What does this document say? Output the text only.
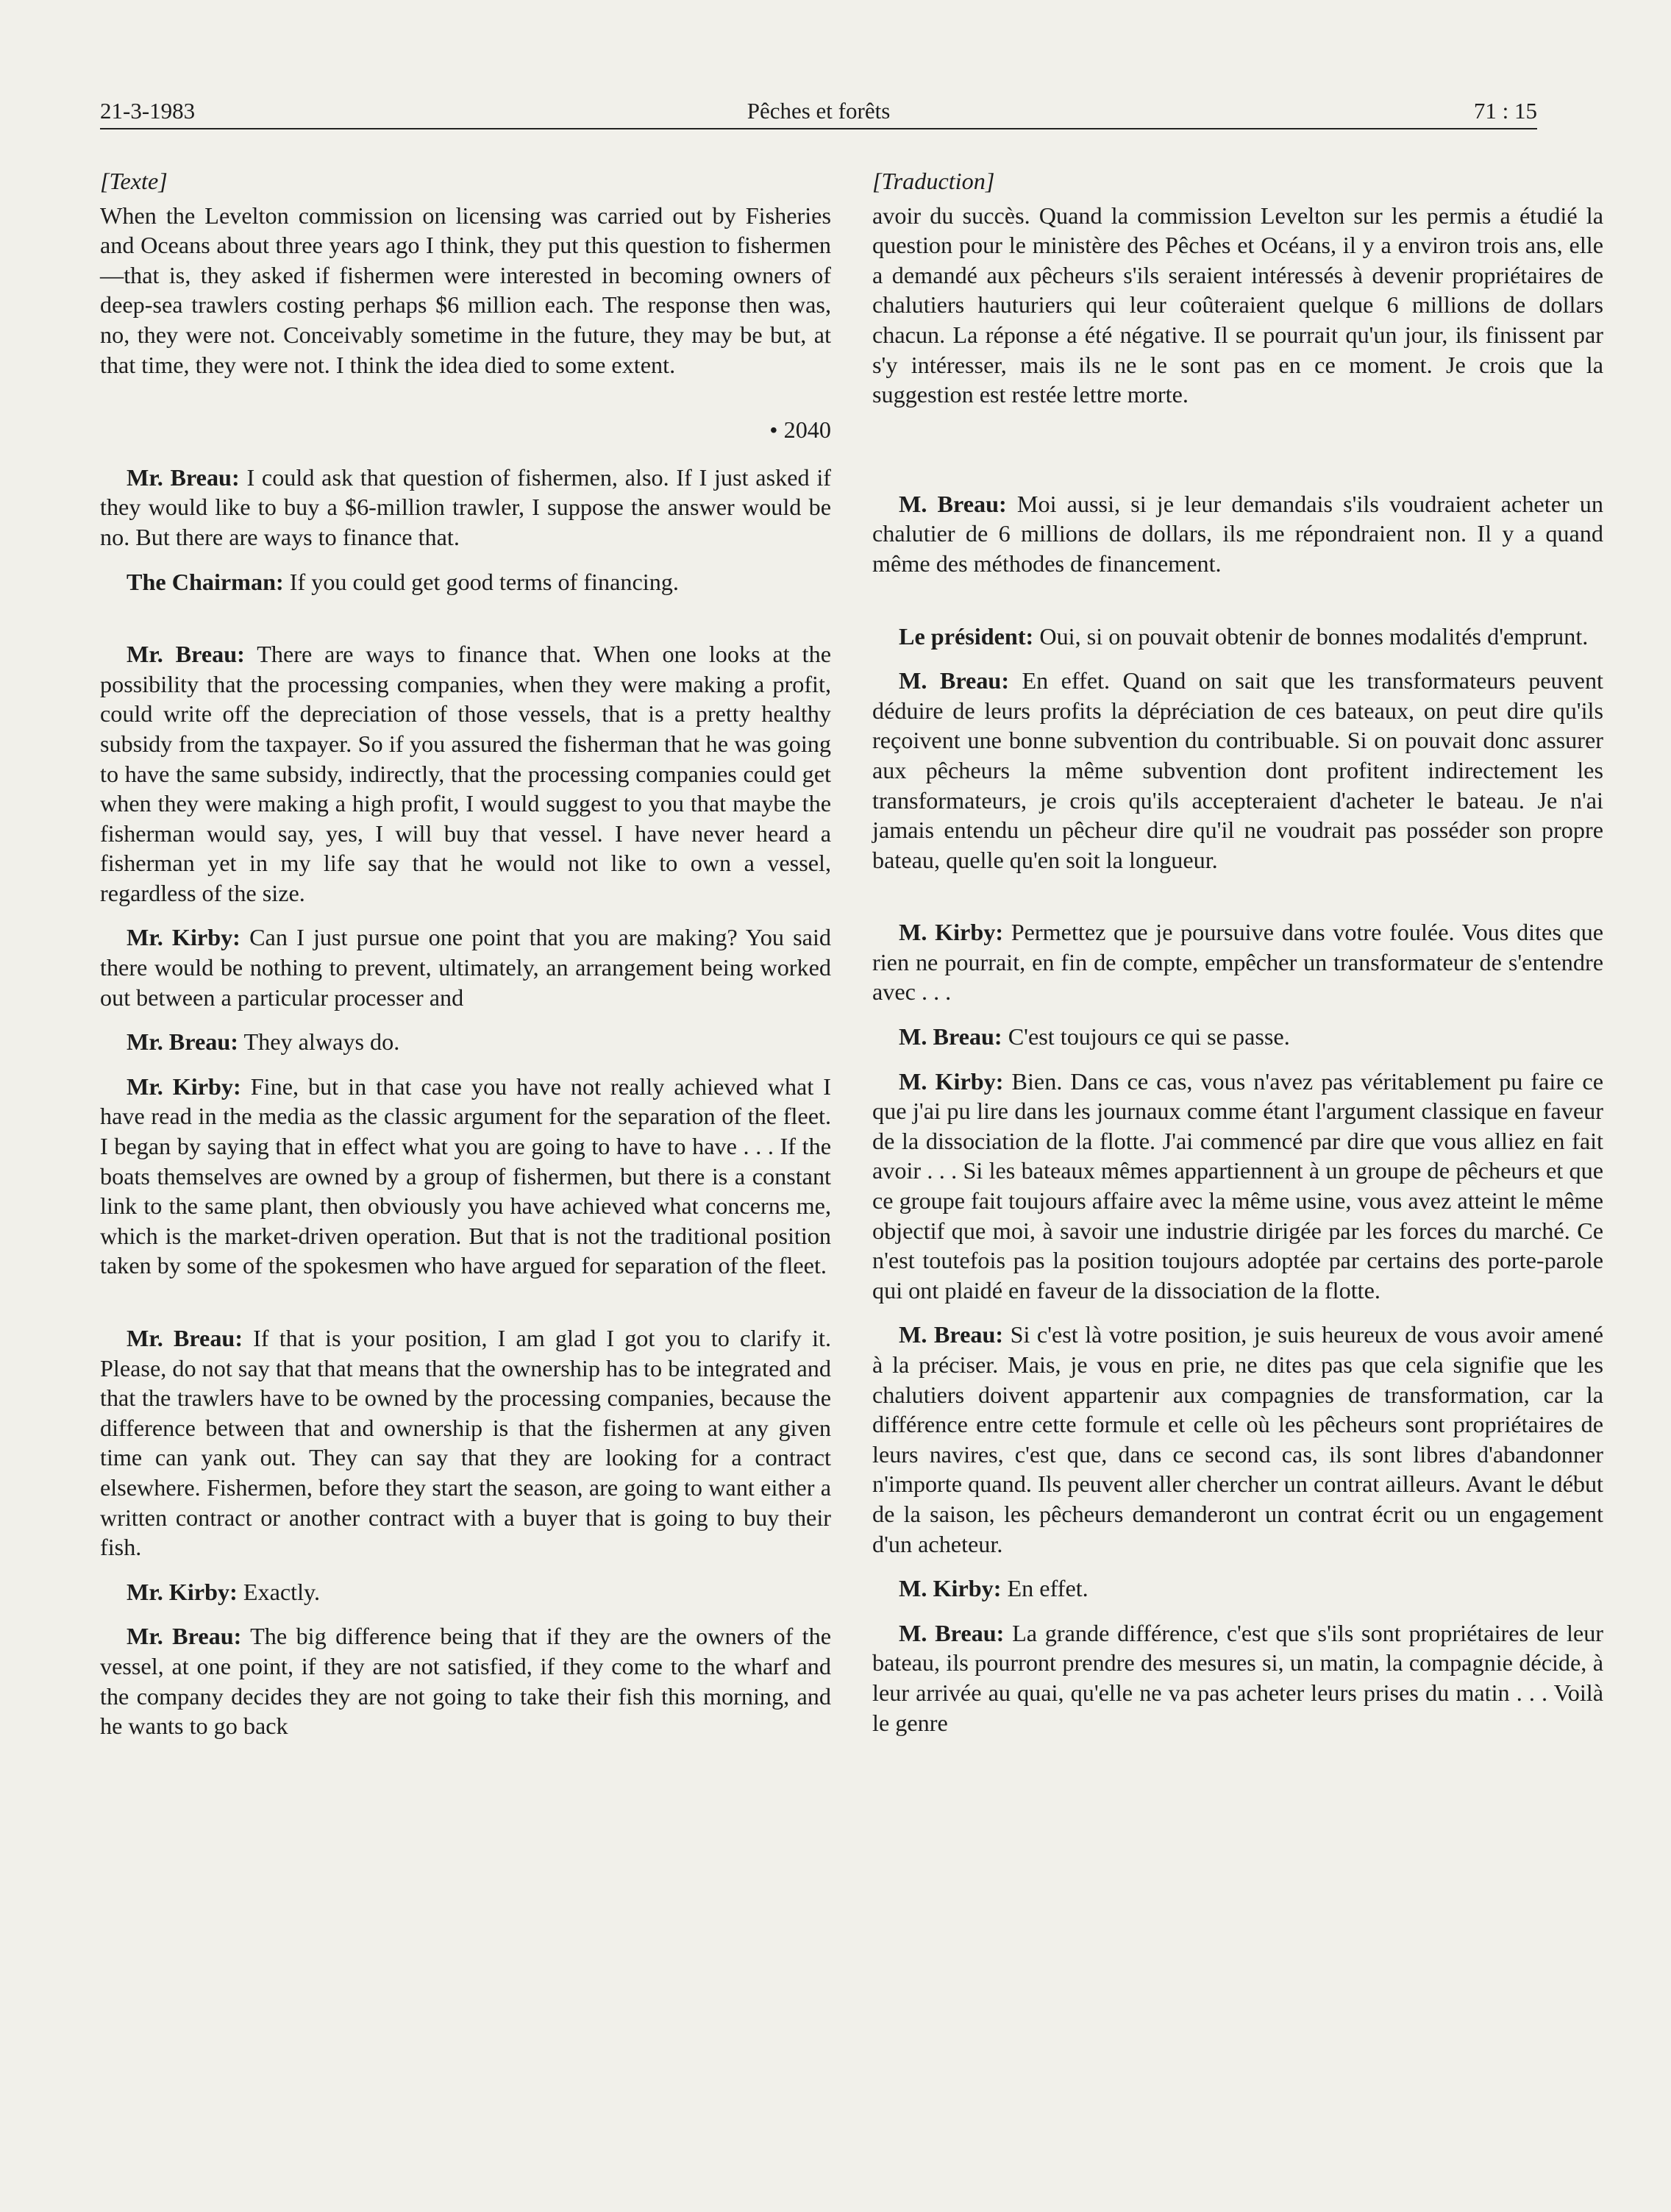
21-3-1983	Pêches et forêts	71 : 15

[Texte]

When the Levelton commission on licensing was carried out by Fisheries and Oceans about three years ago I think, they put this question to fishermen—that is, they asked if fishermen were interested in becoming owners of deep-sea trawlers costing perhaps $6 million each. The response then was, no, they were not. Conceivably sometime in the future, they may be but, at that time, they were not. I think the idea died to some extent.

• 2040

Mr. Breau: I could ask that question of fishermen, also. If I just asked if they would like to buy a $6-million trawler, I suppose the answer would be no. But there are ways to finance that.

The Chairman: If you could get good terms of financing.

Mr. Breau: There are ways to finance that. When one looks at the possibility that the processing companies, when they were making a profit, could write off the depreciation of those vessels, that is a pretty healthy subsidy from the taxpayer. So if you assured the fisherman that he was going to have the same subsidy, indirectly, that the processing companies could get when they were making a high profit, I would suggest to you that maybe the fisherman would say, yes, I will buy that vessel. I have never heard a fisherman yet in my life say that he would not like to own a vessel, regardless of the size.

Mr. Kirby: Can I just pursue one point that you are making? You said there would be nothing to prevent, ultimately, an arrangement being worked out between a particular processer and

Mr. Breau: They always do.

Mr. Kirby: Fine, but in that case you have not really achieved what I have read in the media as the classic argument for the separation of the fleet. I began by saying that in effect what you are going to have to have . . . If the boats themselves are owned by a group of fishermen, but there is a constant link to the same plant, then obviously you have achieved what concerns me, which is the market-driven operation. But that is not the traditional position taken by some of the spokesmen who have argued for separation of the fleet.

Mr. Breau: If that is your position, I am glad I got you to clarify it. Please, do not say that that means that the ownership has to be integrated and that the trawlers have to be owned by the processing companies, because the difference between that and ownership is that the fishermen at any given time can yank out. They can say that they are looking for a contract elsewhere. Fishermen, before they start the season, are going to want either a written contract or another contract with a buyer that is going to buy their fish.

Mr. Kirby: Exactly.

Mr. Breau: The big difference being that if they are the owners of the vessel, at one point, if they are not satisfied, if they come to the wharf and the company decides they are not going to take their fish this morning, and he wants to go back

[Traduction]

avoir du succès. Quand la commission Levelton sur les permis a étudié la question pour le ministère des Pêches et Océans, il y a environ trois ans, elle a demandé aux pêcheurs s'ils seraient intéressés à devenir propriétaires de chalutiers hauturiers qui leur coûteraient quelque 6 millions de dollars chacun. La réponse a été négative. Il se pourrait qu'un jour, ils finissent par s'y intéresser, mais ils ne le sont pas en ce moment. Je crois que la suggestion est restée lettre morte.

M. Breau: Moi aussi, si je leur demandais s'ils voudraient acheter un chalutier de 6 millions de dollars, ils me répondraient non. Il y a quand même des méthodes de financement.

Le président: Oui, si on pouvait obtenir de bonnes modalités d'emprunt.

M. Breau: En effet. Quand on sait que les transformateurs peuvent déduire de leurs profits la dépréciation de ces bateaux, on peut dire qu'ils reçoivent une bonne subvention du contribuable. Si on pouvait donc assurer aux pêcheurs la même subvention dont profitent indirectement les transformateurs, je crois qu'ils accepteraient d'acheter le bateau. Je n'ai jamais entendu un pêcheur dire qu'il ne voudrait pas posséder son propre bateau, quelle qu'en soit la longueur.

M. Kirby: Permettez que je poursuive dans votre foulée. Vous dites que rien ne pourrait, en fin de compte, empêcher un transformateur de s'entendre avec . . .

M. Breau: C'est toujours ce qui se passe.

M. Kirby: Bien. Dans ce cas, vous n'avez pas véritablement pu faire ce que j'ai pu lire dans les journaux comme étant l'argument classique en faveur de la dissociation de la flotte. J'ai commencé par dire que vous alliez en fait avoir . . . Si les bateaux mêmes appartiennent à un groupe de pêcheurs et que ce groupe fait toujours affaire avec la même usine, vous avez atteint le même objectif que moi, à savoir une industrie dirigée par les forces du marché. Ce n'est toutefois pas la position toujours adoptée par certains des porte-parole qui ont plaidé en faveur de la dissociation de la flotte.

M. Breau: Si c'est là votre position, je suis heureux de vous avoir amené à la préciser. Mais, je vous en prie, ne dites pas que cela signifie que les chalutiers doivent appartenir aux compagnies de transformation, car la différence entre cette formule et celle où les pêcheurs sont propriétaires de leurs navires, c'est que, dans ce second cas, ils sont libres d'abandonner n'importe quand. Ils peuvent aller chercher un contrat ailleurs. Avant le début de la saison, les pêcheurs demanderont un contrat écrit ou un engagement d'un acheteur.

M. Kirby: En effet.

M. Breau: La grande différence, c'est que s'ils sont propriétaires de leur bateau, ils pourront prendre des mesures si, un matin, la compagnie décide, à leur arrivée au quai, qu'elle ne va pas acheter leurs prises du matin . . . Voilà le genre
